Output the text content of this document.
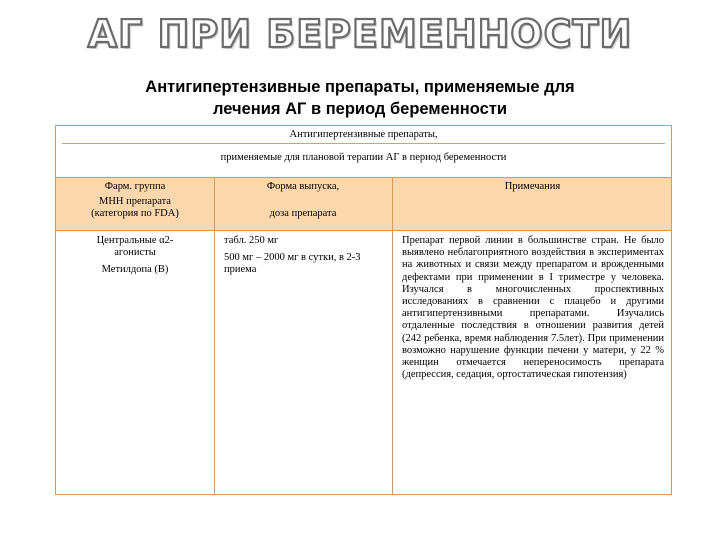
АГ ПРИ БЕРЕМЕННОСТИ
Антигипертензивные препараты, применяемые для
лечения АГ в период беременности
Антигипертензивные препараты,
применяемые для плановой терапии АГ в период беременности
Фарм. группа
МНН препарата
(категория по FDA)
Форма выпуска,
доза препарата
Примечания
Центральные α2-
агонисты
Метилдопа (B)
табл. 250 мг
500 мг – 2000 мг в сутки, в 2-3 приема
Препарат первой линии в большинстве стран. Не было выявлено неблагоприятного воздействия в экспериментах на животных и связи между препаратом и врожденными дефектами при применении в I триместре у человека. Изучался в многочисленных проспективных исследованиях в сравнении с плацебо и другими антигипертензивными препаратами. Изучались отдаленные последствия в отношении развития детей (242 ребенка, время наблюдения 7.5лет). При применении возможно нарушение функции печени у матери, у 22 % женщин отмечается непереносимость препарата (депрессия, седация, ортостатическая гипотензия)
